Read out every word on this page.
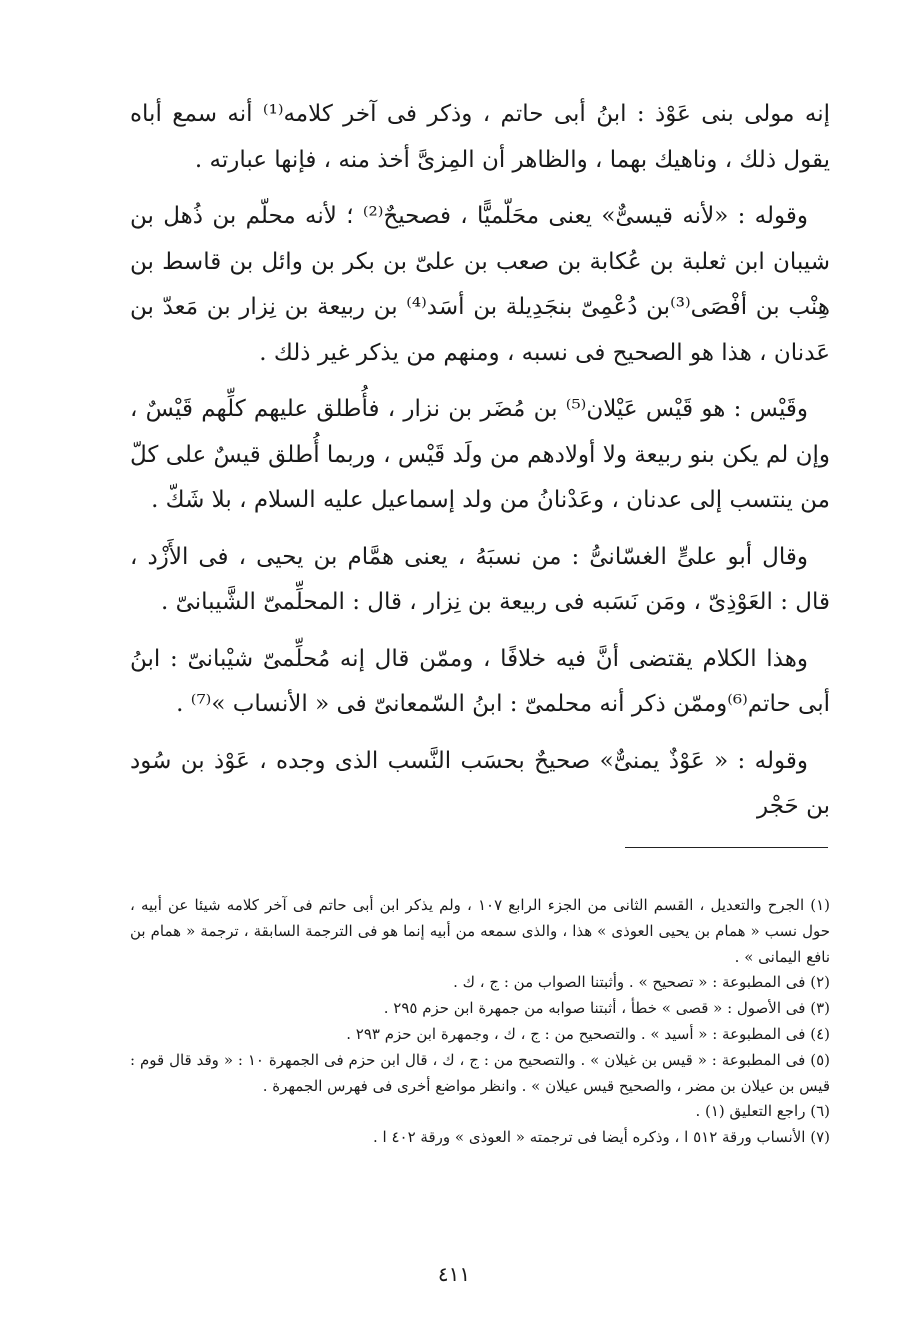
إنه مولى بنى عَوْذ : ابنُ أبى حاتم ، وذكر فى آخر كلامه⁽¹⁾ أنه سمع أباه يقول ذلك ، وناهيك بهما ، والظاهر أن المِزىَّ أخذ منه ، فإنها عبارته .

وقوله : «لأنه قيسىٌّ» يعنى محَلّميًّا ، فصحيحٌ⁽²⁾ ؛ لأنه محلّم بن ذُهل بن شيبان ابن ثعلبة بن عُكابة بن صعب بن علىّ بن بكر بن وائل بن قاسط بن هِنْب بن أفْصَى⁽³⁾بن دُعْمِىّ بنجَدِيلة بن أسَد⁽⁴⁾ بن ربيعة بن نِزار بن مَعدّ بن عَدنان ، هذا هو الصحيح فى نسبه ، ومنهم من يذكر غير ذلك .

وقَيْس : هو قَيْس عَيْلان⁽⁵⁾ بن مُضَر بن نزار ، فأُطلق عليهم كلِّهم قَيْسٌ ، وإن لم يكن بنو ربيعة ولا أولادهم من ولَد قَيْس ، وربما أُطلق قيسٌ على كلّ من ينتسب إلى عدنان ، وعَدْنانُ من ولد إسماعيل عليه السلام ، بلا شَكّ .

وقال أبو علىٍّ الغسّانىُّ : من نسبَهُ ، يعنى همَّام بن يحيى ، فى الأَزْد ، قال : العَوْذِىّ ، ومَن نَسَبه فى ربيعة بن نِزار ، قال : المحلِّمىّ الشَّيبانىّ .

وهذا الكلام يقتضى أنَّ فيه خلافًا ، وممّن قال إنه مُحلِّمىّ شيْبانىّ : ابنُ أبى حاتم⁽⁶⁾وممّن ذكر أنه محلمىّ : ابنُ السّمعانىّ فى « الأنساب »⁽⁷⁾ .

وقوله : « عَوْذٌ يمنىٌّ» صحيحٌ بحسَب النَّسب الذى وجده ، عَوْذ بن سُود بن حَجْر

(١) الجرح والتعديل ، القسم الثانى من الجزء الرابع ١٠٧ ، ولم يذكر ابن أبى حاتم فى آخر كلامه شيئا عن أبيه ، حول نسب « همام بن يحيى العوذى » هذا ، والذى سمعه من أبيه إنما هو فى الترجمة السابقة ، ترجمة « همام بن نافع اليمانى » .

(٢) فى المطبوعة : « تصحيح » . وأثبتنا الصواب من : ج ، ك .

(٣) فى الأصول : « قصى » خطأ ، أثبتنا صوابه من جمهرة ابن حزم ٢٩٥ .

(٤) فى المطبوعة : « أسيد » . والتصحيح من : ج ، ك ، وجمهرة ابن حزم ٢٩٣ .

(٥) فى المطبوعة : « قيس بن غيلان » . والتصحيح من : ج ، ك ، قال ابن حزم فى الجمهرة ١٠ : « وقد قال قوم : قيس بن عيلان بن مضر ، والصحيح قيس عيلان » . وانظر مواضع أخرى فى فهرس الجمهرة .

(٦) راجع التعليق (١) .

(٧) الأنساب ورقة ٥١٢ ا ، وذكره أيضا فى ترجمته « العوذى » ورقة ٤٠٢ ا .

٤١١
